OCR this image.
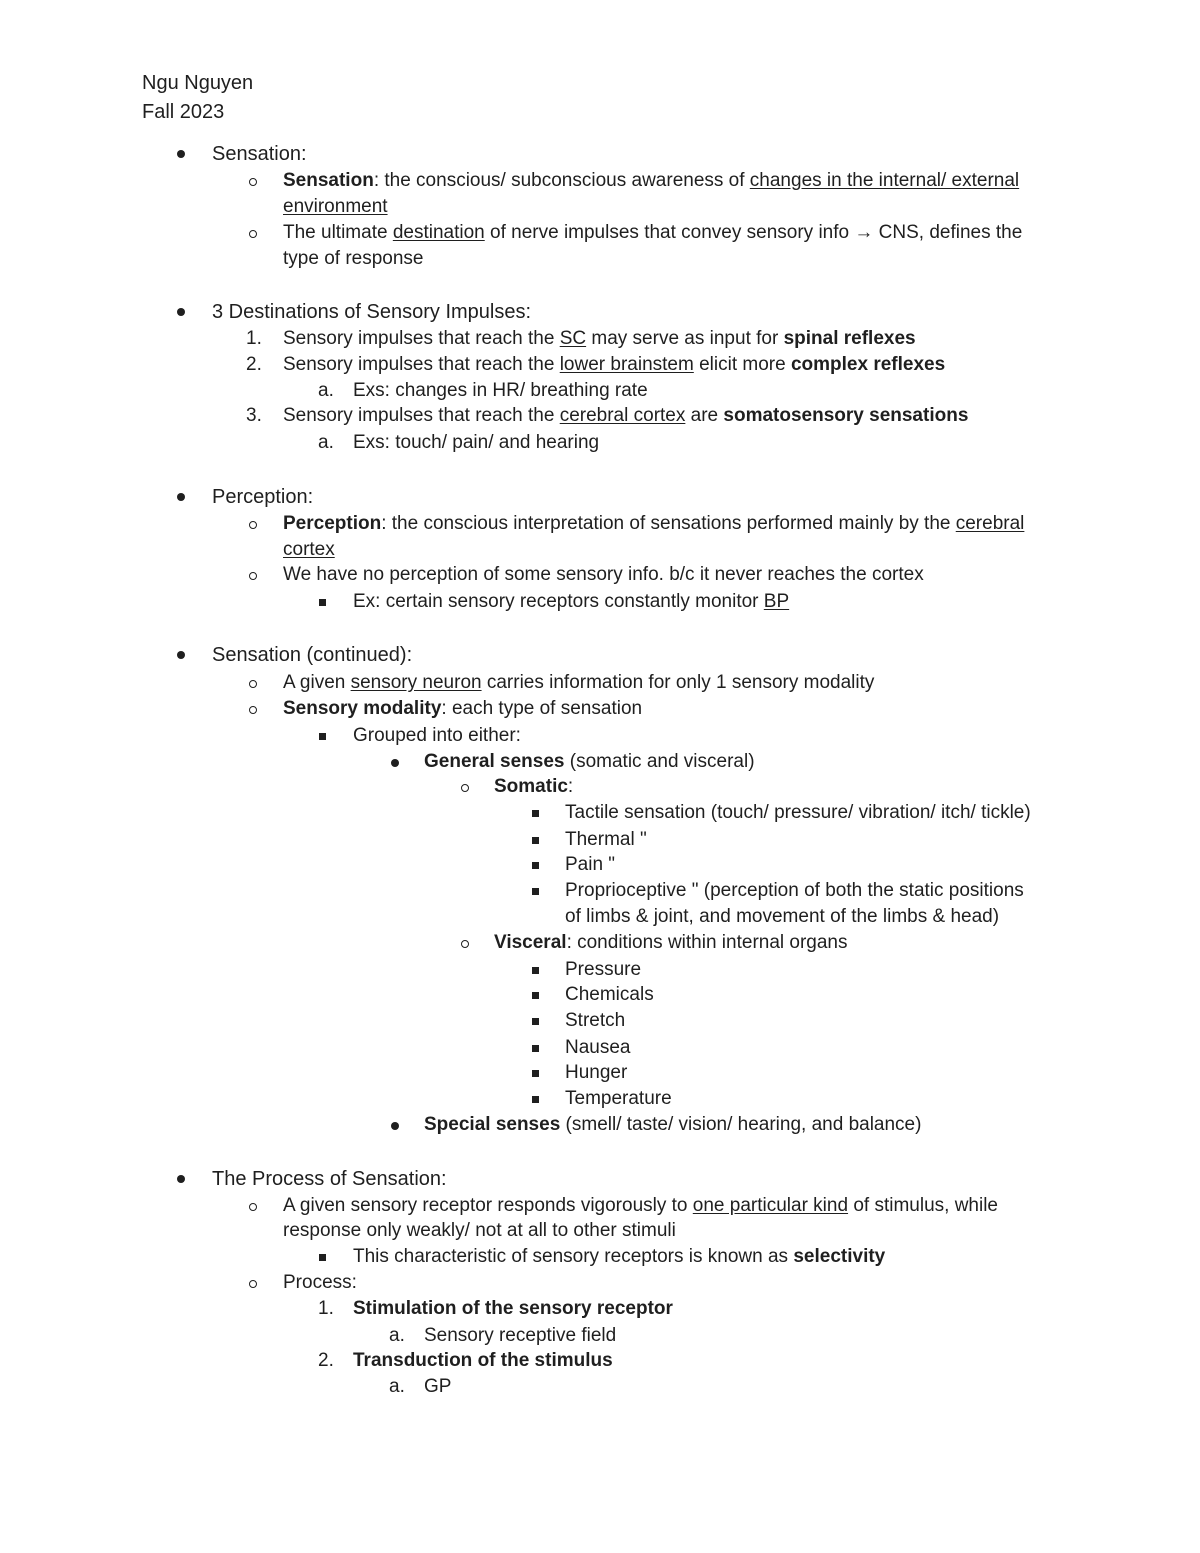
Ngu Nguyen
Fall 2023
Sensation:
Sensation: the conscious/ subconscious awareness of changes in the internal/ external
environment
The ultimate destination of nerve impulses that convey sensory info → CNS, defines the
type of response
3 Destinations of Sensory Impulses:
1. Sensory impulses that reach the SC may serve as input for spinal reflexes
2. Sensory impulses that reach the lower brainstem elicit more complex reflexes
a. Exs: changes in HR/ breathing rate
3. Sensory impulses that reach the cerebral cortex are somatosensory sensations
a. Exs: touch/ pain/ and hearing
Perception:
Perception: the conscious interpretation of sensations performed mainly by the cerebral
cortex
We have no perception of some sensory info. b/c it never reaches the cortex
Ex: certain sensory receptors constantly monitor BP
Sensation (continued):
A given sensory neuron carries information for only 1 sensory modality
Sensory modality: each type of sensation
Grouped into either:
General senses (somatic and visceral)
Somatic:
Tactile sensation (touch/ pressure/ vibration/ itch/ tickle)
Thermal "
Pain "
Proprioceptive " (perception of both the static positions
of limbs & joint, and movement of the limbs & head)
Visceral: conditions within internal organs
Pressure
Chemicals
Stretch
Nausea
Hunger
Temperature
Special senses (smell/ taste/ vision/ hearing, and balance)
The Process of Sensation:
A given sensory receptor responds vigorously to one particular kind of stimulus, while
response only weakly/ not at all to other stimuli
This characteristic of sensory receptors is known as selectivity
Process:
1. Stimulation of the sensory receptor
a. Sensory receptive field
2. Transduction of the stimulus
a. GP
